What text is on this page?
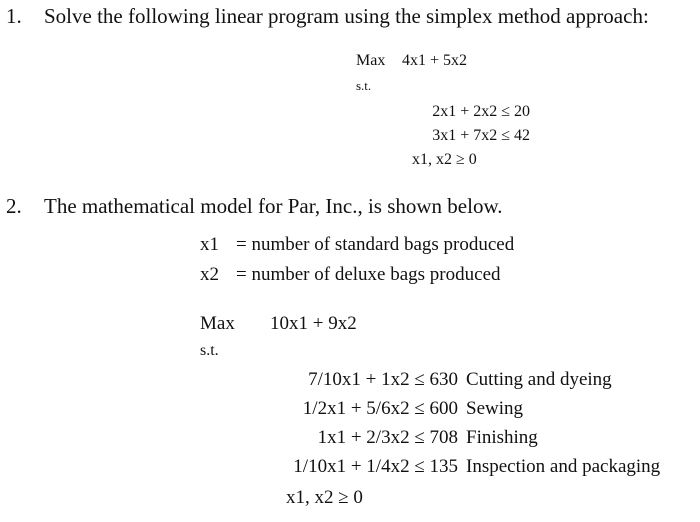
1. Solve the following linear program using the simplex method approach:
Max 4x1 + 5x2
s.t.
2x1 + 2x2 ≤ 20
3x1 + 7x2 ≤ 42
x1, x2 ≥ 0
2. The mathematical model for Par, Inc., is shown below.
x1 = number of standard bags produced
x2 = number of deluxe bags produced
Max 10x1 + 9x2
s.t.
7/10x1 + 1x2 ≤ 630 Cutting and dyeing
1/2x1 + 5/6x2 ≤ 600 Sewing
1x1 + 2/3x2 ≤ 708 Finishing
1/10x1 + 1/4x2 ≤ 135 Inspection and packaging
x1, x2 ≥ 0
